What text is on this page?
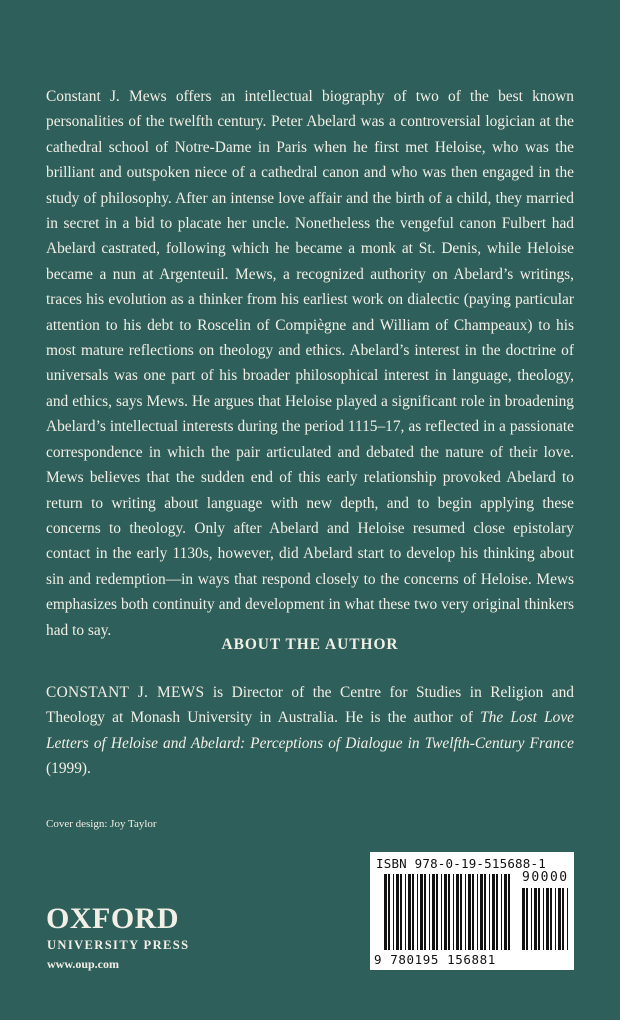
Constant J. Mews offers an intellectual biography of two of the best known personalities of the twelfth century. Peter Abelard was a controversial logician at the cathedral school of Notre-Dame in Paris when he first met Heloise, who was the brilliant and outspoken niece of a cathedral canon and who was then engaged in the study of philosophy. After an intense love affair and the birth of a child, they married in secret in a bid to placate her uncle. Nonetheless the vengeful canon Fulbert had Abelard castrated, following which he became a monk at St. Denis, while Heloise became a nun at Argenteuil. Mews, a recognized authority on Abelard’s writings, traces his evolution as a thinker from his earliest work on dialectic (paying particular attention to his debt to Roscelin of Compiègne and William of Champeaux) to his most mature reflections on theology and ethics. Abelard’s interest in the doctrine of universals was one part of his broader philosophical interest in language, theology, and ethics, says Mews. He argues that Heloise played a significant role in broadening Abelard’s intellectual interests during the period 1115–17, as reflected in a passionate correspondence in which the pair articulated and debated the nature of their love. Mews believes that the sudden end of this early relationship provoked Abelard to return to writing about language with new depth, and to begin applying these concerns to theology. Only after Abelard and Heloise resumed close epistolary contact in the early 1130s, however, did Abelard start to develop his thinking about sin and redemption—in ways that respond closely to the concerns of Heloise. Mews emphasizes both continuity and development in what these two very original thinkers had to say.

ABOUT THE AUTHOR

CONSTANT J. MEWS is Director of the Centre for Studies in Religion and Theology at Monash University in Australia. He is the author of The Lost Love Letters of Heloise and Abelard: Perceptions of Dialogue in Twelfth-Century France (1999).

Cover design: Joy Taylor
OXFORD
UNIVERSITY PRESS
www.oup.com
ISBN 978-0-19-515688-1
90000
9 780195 156881
